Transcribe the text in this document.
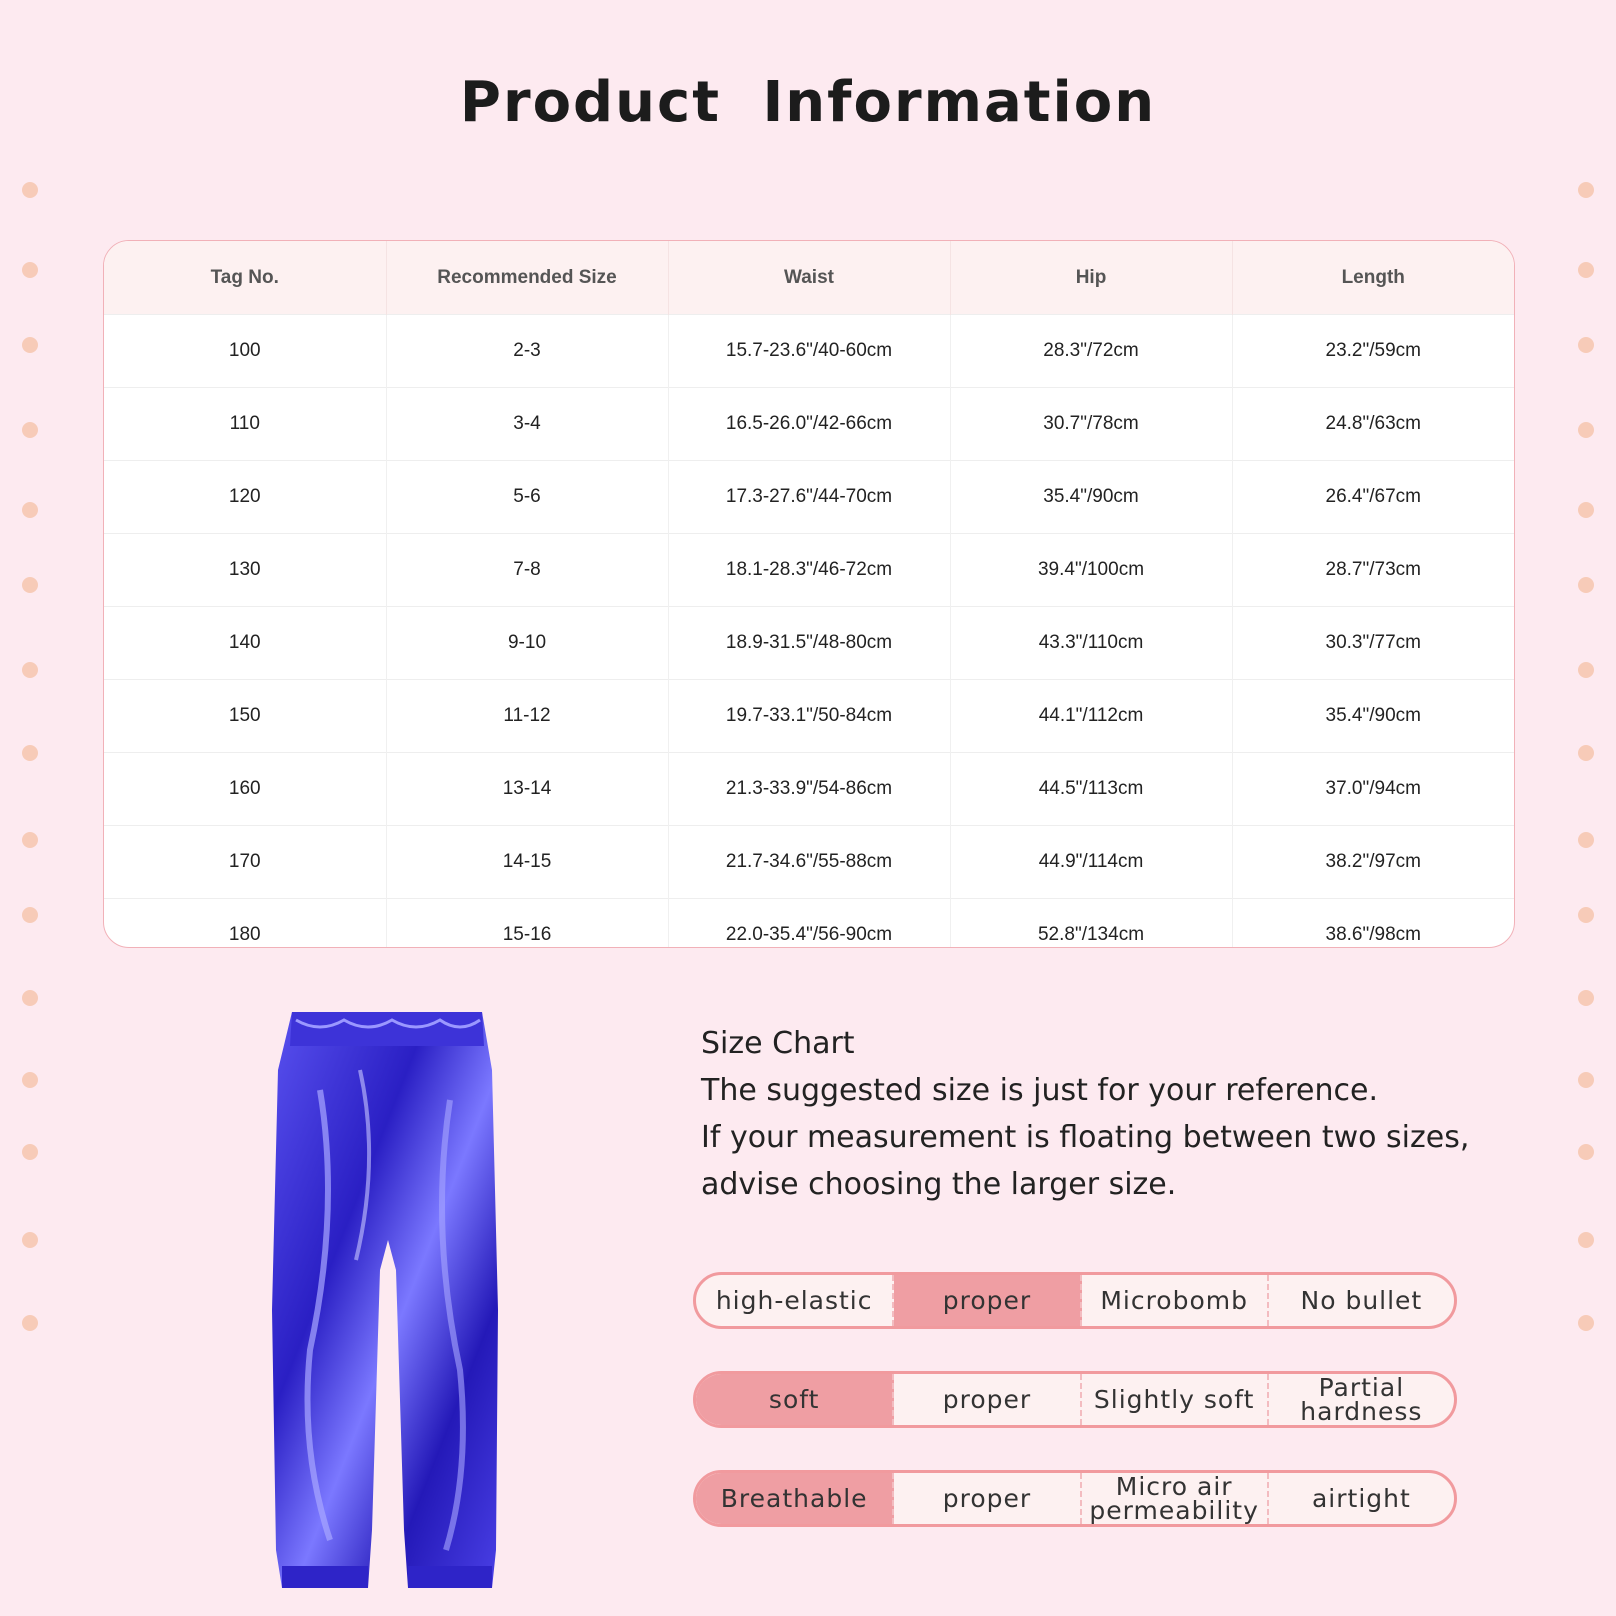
Product Information
Tag No.	Recommended Size	Waist	Hip	Length
100	2-3	15.7-23.6"/40-60cm	28.3"/72cm	23.2"/59cm
110	3-4	16.5-26.0"/42-66cm	30.7"/78cm	24.8"/63cm
120	5-6	17.3-27.6"/44-70cm	35.4"/90cm	26.4"/67cm
130	7-8	18.1-28.3"/46-72cm	39.4"/100cm	28.7"/73cm
140	9-10	18.9-31.5"/48-80cm	43.3"/110cm	30.3"/77cm
150	11-12	19.7-33.1"/50-84cm	44.1"/112cm	35.4"/90cm
160	13-14	21.3-33.9"/54-86cm	44.5"/113cm	37.0"/94cm
170	14-15	21.7-34.6"/55-88cm	44.9"/114cm	38.2"/97cm
180	15-16	22.0-35.4"/56-90cm	52.8"/134cm	38.6"/98cm
Size Chart
The suggested size is just for your reference.
If your measurement is floating between two sizes,
advise choosing the larger size.
high-elastic	proper	Microbomb	No bullet
soft	proper	Slightly soft	Partial hardness
Breathable	proper	Micro air permeability	airtight
